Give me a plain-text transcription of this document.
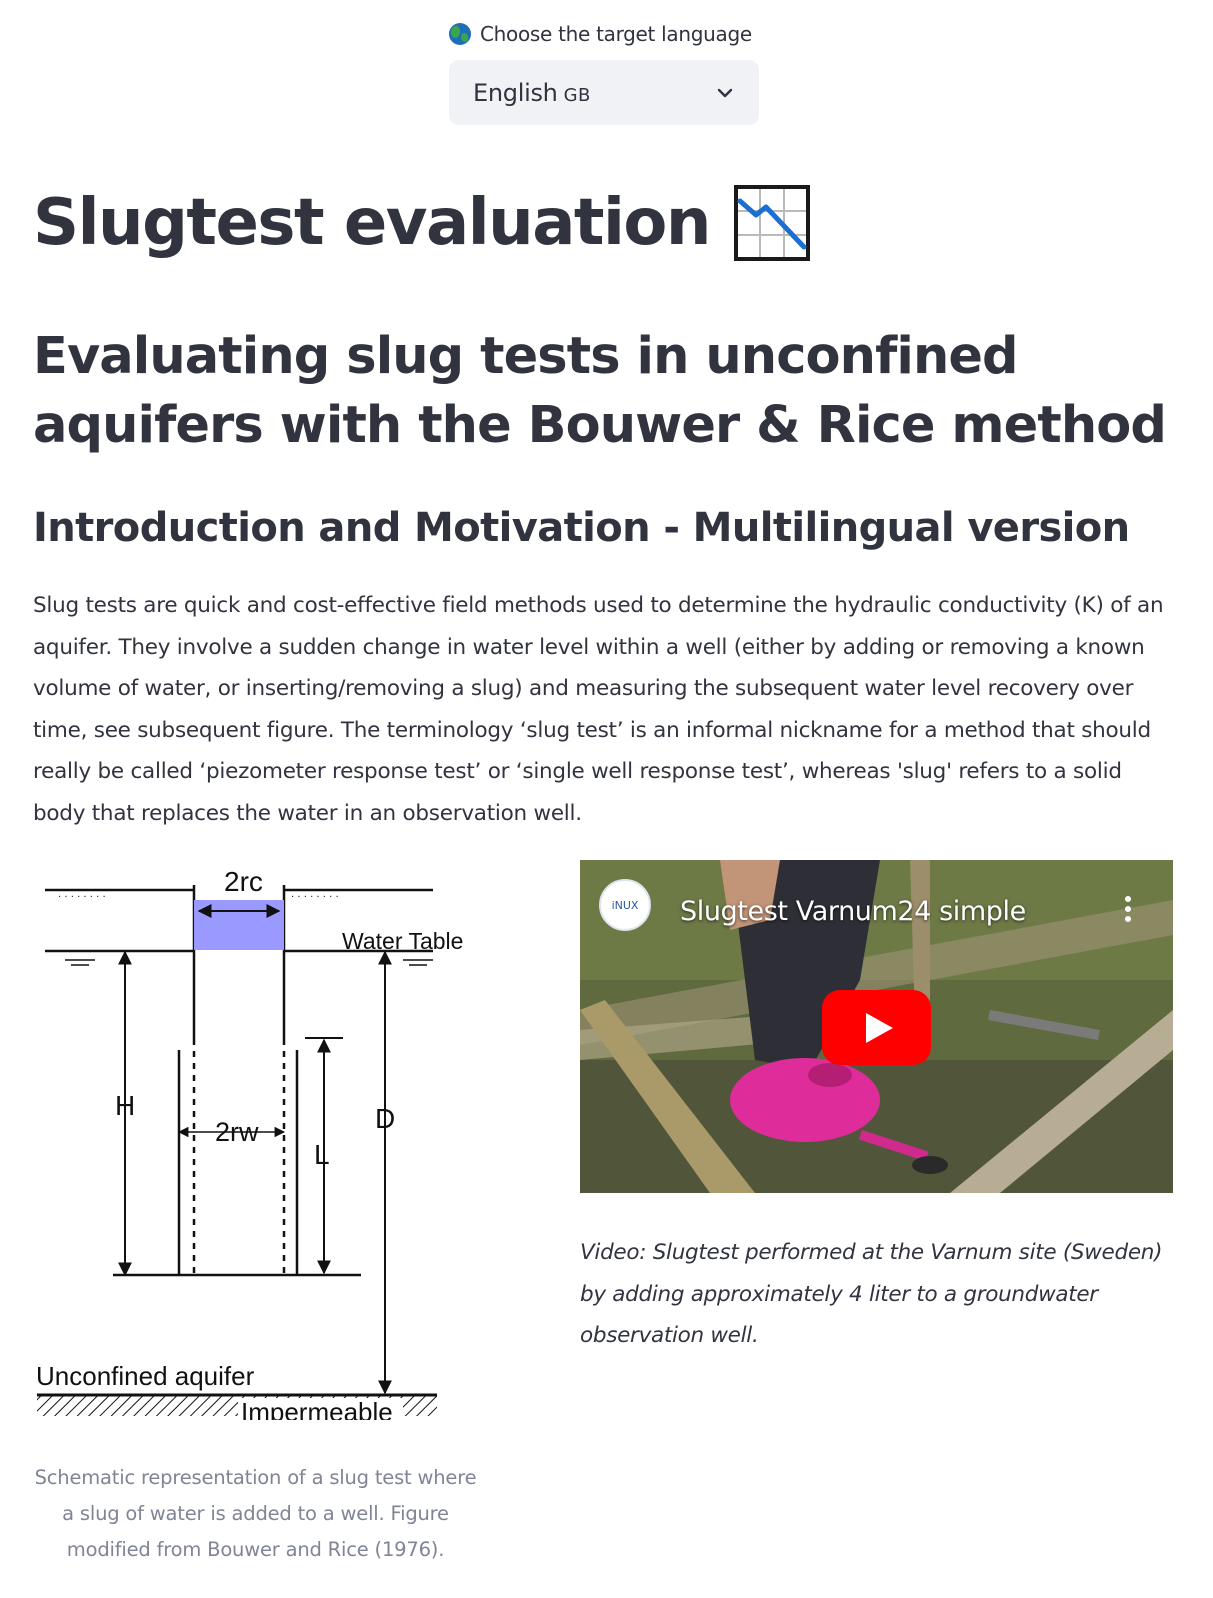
Choose the target language
English GB
Slugtest evaluation
Evaluating slug tests in unconfined aquifers with the Bouwer & Rice method
Introduction and Motivation - Multilingual version

Slug tests are quick and cost-effective field methods used to determine the hydraulic conductivity (K) of an aquifer. They involve a sudden change in water level within a well (either by adding or removing a known volume of water, or inserting/removing a slug) and measuring the subsequent water level recovery over time, see subsequent figure. The terminology ‘slug test’ is an informal nickname for a method that should really be called ‘piezometer response test’ or ‘single well response test’, whereas 'slug' refers to a solid body that replaces the water in an observation well.

· · · · · · · ·	· · · · · · · ·
2rc
Water Table
H
2rw	D
L
Unconfined aquifer
Impermeable

Schematic representation of a slug test where a slug of water is added to a well. Figure modified from Bouwer and Rice (1976).

iNUX Slugtest Varnum24 simple

Video: Slugtest performed at the Varnum site (Sweden) by adding approximately 4 liter to a groundwater observation well.
